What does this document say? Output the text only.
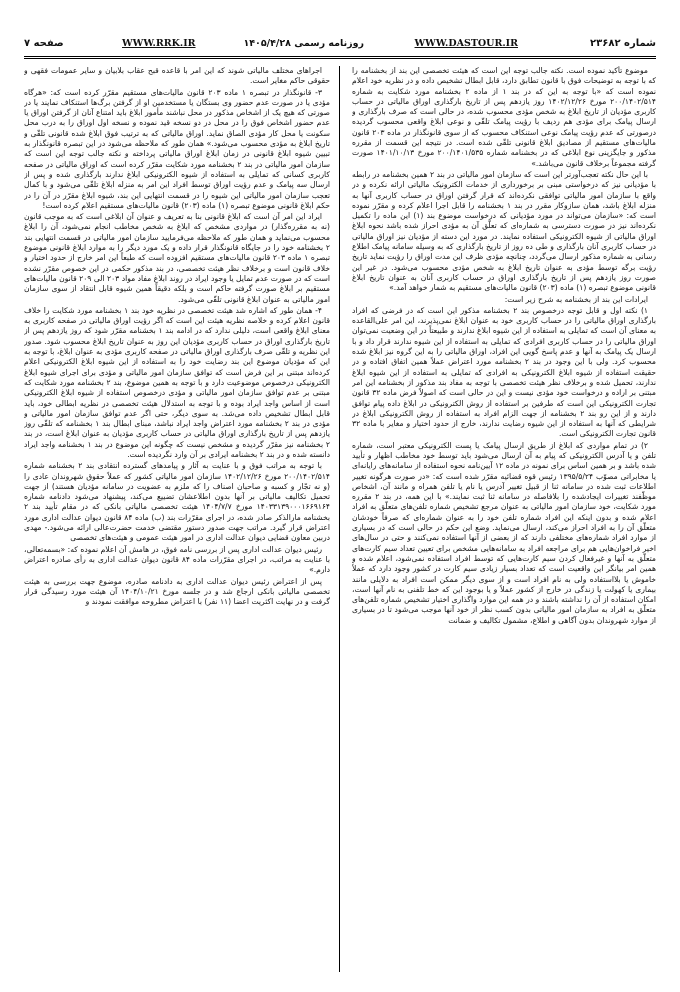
شماره ۲۳۶۸۲
WWW.DASTOUR.IR
روزنامه رسمی ۱۴۰۵/۴/۲۸
WWW.RRK.IR
صفحه ۷

موضوع تأکید نموده است. نکته جالب توجه این است که هیئت تخصصی این بند از بخشنامه را که با توجه به توضیحات فوق با قانون تطابق دارد، قابل ابطال تشخیص داده و در نظریه خود اعلام نموده است که «با توجه به این که در بند ۱ از ماده ۲ بخشنامه مورد شکایت به شماره ۲۰۰/۱۴۰۲/۵۱۴ مورخ ۱۴۰۲/۱۲/۲۶ روز یازدهم پس از تاریخ بارگذاری اوراق مالیاتی در حساب کاربری مؤدیان از تاریخ ابلاغ به شخص مؤدی محسوب شده، در حالی است که صرف بارگذاری و ارسال پیامک برای مؤدی هم ردیف با رؤیت پیامک تلقّی و نوعی ابلاغ واقعی محسوب گردیده درصورتی که عدم رؤیت پیامک نوعی استنکاف محسوب که از سوی قانونگذار در ماده ۲۰۳ قانون مالیات‌های مستقیم از مصادیق ابلاغ قانونی تلقّی شده است. در نتیجه این قسمت از مقرره مذکور و جایگزینی نوع ابلاغی که در بخشنامه شماره ۲۰۰/۱۴۰۱/۵۳۵ مورخ ۱۴۰۱/۱۰/۱۳ صورت گرفته مجموعاً برخلاف قانون می‌باشد.»

با این حال نکته تعجب‌آورتر این است که سازمان امور مالیاتی در بند ۲ همین بخشنامه در رابطه با مؤدیانی نیز که درخواستی مبنی بر برخورداری از خدمات الکترونیک مالیاتی ارائه نکرده و در واقع با سازمان امور مالیاتی توافقی نکرده‌اند که قرار گرفتن اوراق در حساب کاربری آنها به منزله ابلاغ باشد، همان سازوکار مقرر در بند ۱ بخشنامه را قابل اجرا اعلام کرده و مقرّر نموده است که: «سازمان می‌تواند در مورد مؤدیانی که درخواست موضوع بند (۱) این ماده را تکمیل نکرده‌اند نیز در صورت دسترسی به شماره‌ای که تعلّق آن به مؤدی احراز شده باشد نحوه ابلاغ اوراق مالیاتی از شیوه الکترونیکی استفاده نمایند. در مورد این دسته از مؤدیان نیز اوراق مالیاتی در حساب کاربری آنان بارگذاری و طی ده روز از تاریخ بارگذاری که به وسیله سامانه پیامک اطلاع رسانی به شماره مذکور ارسال می‌گردد، چنانچه مؤدی ظرف این مدت اوراق را رؤیت نماید تاریخ رؤیت برگه توسط مؤدی به عنوان تاریخ ابلاغ به شخص مؤدی محسوب می‌شود. در غیر این صورت روز یازدهم پس از تاریخ بارگذاری اوراق در حساب کاربری آنان به عنوان تاریخ ابلاغ قانونی موضوع تبصره (۱) ماده (۲۰۳) قانون مالیات‌های مستقیم به شمار خواهد آمد.»

ایرادات این بند از بخشنامه به شرح زیر است:

۱) نکته اول و قابل توجه درخصوص بند ۲ بخشنامه مذکور این است که در فرضی که افراد بارگذاری اوراق مالیاتی را در حساب کاربری خود به عنوان ابلاغ نمی‌پذیرند، این امر علی‌القاعده به معنای آن است که تمایلی به استفاده از این شیوه ابلاغ ندارند و طبیعتاً در این وضعیت نمی‌توان اوراق مالیاتی را در حساب کاربری افرادی که تمایلی به استفاده از این شیوه ندارند قرار داد و با ارسال یک پیامک به آنها و عدم پاسخ گویی این افراد، اوراق مالیاتی را به این گروه نیز ابلاغ شده محسوب کرد. ولی با این وجود در بند ۲ بخشنامه مورد اعتراض عملاً همین اتفاق افتاده و در حقیقت استفاده از شیوه ابلاغ الکترونیکی به افرادی که تمایلی به استفاده از این شیوه ابلاغ ندارند، تحمیل شده و برخلاف نظر هیئت تخصصی با توجه به مفاد بند مذکور از بخشنامه این امر مبتنی بر اراده و درخواست خود مؤدی نیست و این در حالی است که اصولاً فرض ماده ۳۲ قانون تجارت الکترونیکی این است که طرفین بر استفاده از روش الکترونیکی در ابلاغ داده پیام توافق دارند و از این رو بند ۲ بخشنامه از جهت الزام افراد به استفاده از روش الکترونیکی ابلاغ در شرایطی که آنها به استفاده از این شیوه رضایت ندارند، خارج از حدود اختیار و مغایر با ماده ۳۲ قانون تجارت الکترونیکی است.

۲) در تمام مواردی که ابلاغ از طریق ارسال پیامک یا پست الکترونیکی معتبر است، شماره تلفن و یا آدرس الکترونیکی که پیام به آن ارسال می‌شود باید توسط خود مخاطب اظهار و تأیید شده باشد و بر همین اساس برای نمونه در ماده ۱۲ آیین‌نامه نحوه استفاده از سامانه‌های رایانه‌ای یا مخابراتی مصوّب ۱۳۹۵/۵/۲۴ رئیس قوه قضائیه مقرّر شده است که: «در صورت هرگونه تغییر اطلاعات ثبت شده در سامانه ثنا از قبیل تغییر آدرس یا نام یا تلفن همراه و مانند آن، اشخاص موظّفند تغییرات ایجادشده را بلافاصله در سامانه ثنا ثبت نمایند.» با این همه، در بند ۲ مقرره مورد شکایت، خود سازمان امور مالیاتی به عنوان مرجع تشخیص شماره تلفن‌های متعلّق به افراد اعلام شده و بدون اینکه این افراد شماره تلفن خود را به عنوان شماره‌ای که صرفاً خودشان متعلّق آن را به افراد احراز می‌کند، ارسال می‌نماید. وضع این حکم در حالی است که در بسیاری از موارد افراد شماره‌های مختلفی دارند که از بعضی از آنها استفاده نمی‌کنند و حتی در سال‌های اخیر فراخوان‌هایی هم برای مراجعه افراد به سامانه‌هایی مشخص برای تعیین تعداد سیم کارت‌های متعلّق به آنها و غیرفعال کردن سیم کارت‌هایی که توسط افراد استفاده نمی‌شود، اعلام شده و همین امر بیانگر این واقعیت است که تعداد بسیار زیادی سیم کارت در کشور وجود دارد که عملاً خاموش یا بلااستفاده ولی به نام افراد است و از سوی دیگر ممکن است افراد به دلایلی مانند بیماری یا کهولت یا زندگی در خارج از کشور عملاً و یا بوجود این که خط تلفنی به نام آنها است، امکان استفاده از آن را نداشته باشند و در همه این موارد واگذاری اختیار تشخیص شماره تلفن‌های متعلّق به افراد به سازمان امور مالیاتی بدون کسب نظر از خود آنها موجب می‌شود تا در بسیاری از موارد شهروندان بدون آگاهی و اطلاع، مشمول تکالیف و ضمانت

اجراهای مختلف مالیاتی شوند که این امر با قاعده قبح عقاب بلابیان و سایر عمومات فقهی و حقوقی حاکم مغایر است.

۳- قانونگذار در تبصره ۱ ماده ۲۰۳ قانون مالیات‌های مستقیم مقرّر کرده است که: «هرگاه مؤدی یا در صورت عدم حضور وی بستگان یا مستخدمین او از گرفتن برگ‌ها استنکاف نمایند یا در صورتی که هیچ یک از اشخاص مذکور در محل نباشند مأمور ابلاغ باید امتناع آنان از گرفتن اوراق یا عدم حضور اشخاص فوق را در محل در دو نسخه قید نموده و نسخه اول اوراق را به درب محل سکونت یا محل کار مؤدی الصاق نماید. اوراق مالیاتی که به ترتیب فوق ابلاغ شده قانونی تلقّی و تاریخ ابلاغ به مؤدی محسوب می‌شود.» همان طور که ملاحظه می‌شود در این تبصره قانونگذار به تبیین شیوه ابلاغ قانونی در زمان ابلاغ اوراق مالیاتی پرداخته و نکته جالب توجه این است که سازمان امور مالیاتی در بند ۲ بخشنامه مورد شکایت مقرّر کرده است که اوراق مالیاتی در صفحه کاربری کسانی که تمایلی به استفاده از شیوه الکترونیکی ابلاغ ندارند بارگذاری شده و پس از ارسال سه پیامک و عدم رؤیت اوراق توسط افراد این امر به منزله ابلاغ تلقّی می‌شود و با کمال تعجب سازمان امور مالیاتی این شیوه را در قسمت انتهایی این بند، شیوه ابلاغ مقرّر در آن را در حکم ابلاغ قانونی موضوع تبصره (۱) ماده (۲۰۳) قانون مالیات‌های مستقیم اعلام کرده است!

ایراد این امر آن است که ابلاغ قانونی بنا به تعریف و عنوان آن ابلاغی است که به موجب قانون (نه به مقرره‌گذار) در مواردی مشخص که ابلاغ به شخص مخاطب انجام نمی‌شود، آن را ابلاغ محسوب می‌نماید و همان طور که ملاحظه می‌فرمایید سازمان امور مالیاتی در قسمت انتهایی بند ۲ بخشنامه خود را در جایگاه قانونگذار قرار داده و یک مورد دیگر را به موارد ابلاغ قانونی موضوع تبصره ۱ ماده ۲۰۳ قانون مالیات‌های مستقیم افزوده است که طبعاً این امر خارج از حدود اختیار و خلاف قانون است و برخلاف نظر هیئت تخصصی، در بند مذکور حکمی در این خصوص مقرّر نشده است که در صورت عدم تمایل یا وجود ایراد در روند ابلاغ مفاد مواد ۲۰۳ الی ۲۰۹ قانون مالیات‌های مستقیم بر ابلاغ صورت گرفته حاکم است و بلکه دقیقاً همین شیوه قابل انتقاد از سوی سازمان امور مالیاتی به عنوان ابلاغ قانونی تلقّی می‌شود.

۴- همان طور که اشاره شد هیئت تخصصی در نظریه خود بند ۱ بخشنامه مورد شکایت را خلاف قانون اعلام کرده و خلاصه نظریه هیئت این است که اگر رؤیت اوراق مالیاتی در صفحه کاربری به معنای ابلاغ واقعی است، دلیلی ندارد که در ادامه بند ۱ بخشنامه مقرّر شود که روز یازدهم پس از تاریخ بارگذاری اوراق در حساب کاربری مؤدیان این روز به عنوان تاریخ ابلاغ محسوب شود. صدور این نظریه و تلقّی صرف بارگذاری اوراق مالیاتی در صفحه کاربری مؤدی به عنوان ابلاغ، با توجه به این که مؤدیان موضوع این بند رضایت خود را به استفاده از این شیوه ابلاغ الکترونیکی اعلام کرده‌اند مبتنی بر این فرض است که توافق سازمان امور مالیاتی و مؤدی برای اجرای شیوه ابلاغ الکترونیکی درخصوص موضوعیت دارد و با توجه به همین موضوع، بند ۲ بخشنامه مورد شکایت که مبتنی بر عدم توافق سازمان امور مالیاتی و مؤدی درخصوص استفاده از شیوه ابلاغ الکترونیکی است از اساس واجد ایراد بوده و با توجه به استدلال هیئت تخصصی در نظریه ابطالی خود، باید قابل ابطال تشخیص داده می‌شد. به سوی دیگر، حتی اگر عدم توافق سازمان امور مالیاتی و مؤدی در بند ۲ بخشنامه مورد اعتراض واجد ایراد نباشد، مبنای ابطال بند ۱ بخشنامه که تلقّی روز یازدهم پس از تاریخ بارگذاری اوراق مالیاتی در حساب کاربری مؤدیان به عنوان ابلاغ است، در بند ۲ بخشنامه نیز مقرّر گردیده و مشخص نیست که چگونه این موضوع در بند ۱ بخشنامه واجد ایراد دانسته شده و در بند ۲ بخشنامه ایرادی بر آن وارد نگردیده است.

با توجه به مراتب فوق و با عنایت به آثار و پیامدهای گسترده انتقادی بند ۲ بخشنامه شماره ۲۰۰/۱۴۰۲/۵۱۴ مورخ ۱۴۰۲/۱۲/۲۶ سازمان امور مالیاتی کشور که عملاً حقوق شهروندان عادی را (و نه تجّار و کسبه و صاحبان اصناف را که ملزم به عضویت در سامانه مؤدیان هستند) از جهت تحمیل تکالیف مالیاتی بر آنها بدون اطلاعشان تضییع می‌کند، پیشنهاد می‌شود دادنامه شماره ۱۴۰۳۳۱۳۹۰۰۰۱۶۶۹۱۶۴ مورخ ۱۴۰۴/۷/۷ هیئت تخصصی مالیاتی بانکی که در مقام تأیید بند ۲ بخشنامه مارالذکر صادر شده، در اجرای مقرّرات بند (ب) ماده ۸۴ قانون دیوان عدالت اداری مورد اعتراض قرار گیرد. مراتب جهت صدور دستور مقتضی خدمت حضرت‌عالی ارائه می‌شود.- مهدی دربین معاون قضایی دیوان عدالت اداری در امور هیئت عمومی و هیئت‌های تخصصی

رئیس دیوان عدالت اداری پس از بررسی نامه فوق، در هامش آن اعلام نموده که: «بسمه‌تعالی، با عنایت به مراتب، در اجرای مقرّرات ماده ۸۴ قانون دیوان عدالت اداری به رأی صادره اعتراض دارم.»

پس از اعتراض رئیس دیوان عدالت اداری به دادنامه صادره، موضوع جهت بررسی به هیئت تخصصی مالیاتی بانکی ارجاع شد و در جلسه مورخ ۱۴۰۴/۱۰/۲۱ آن هیئت مورد رسیدگی قرار گرفت و در نهایت اکثریت اعضا (۱۱ نفر) با اعتراض مطروحه موافقت نمودند و
